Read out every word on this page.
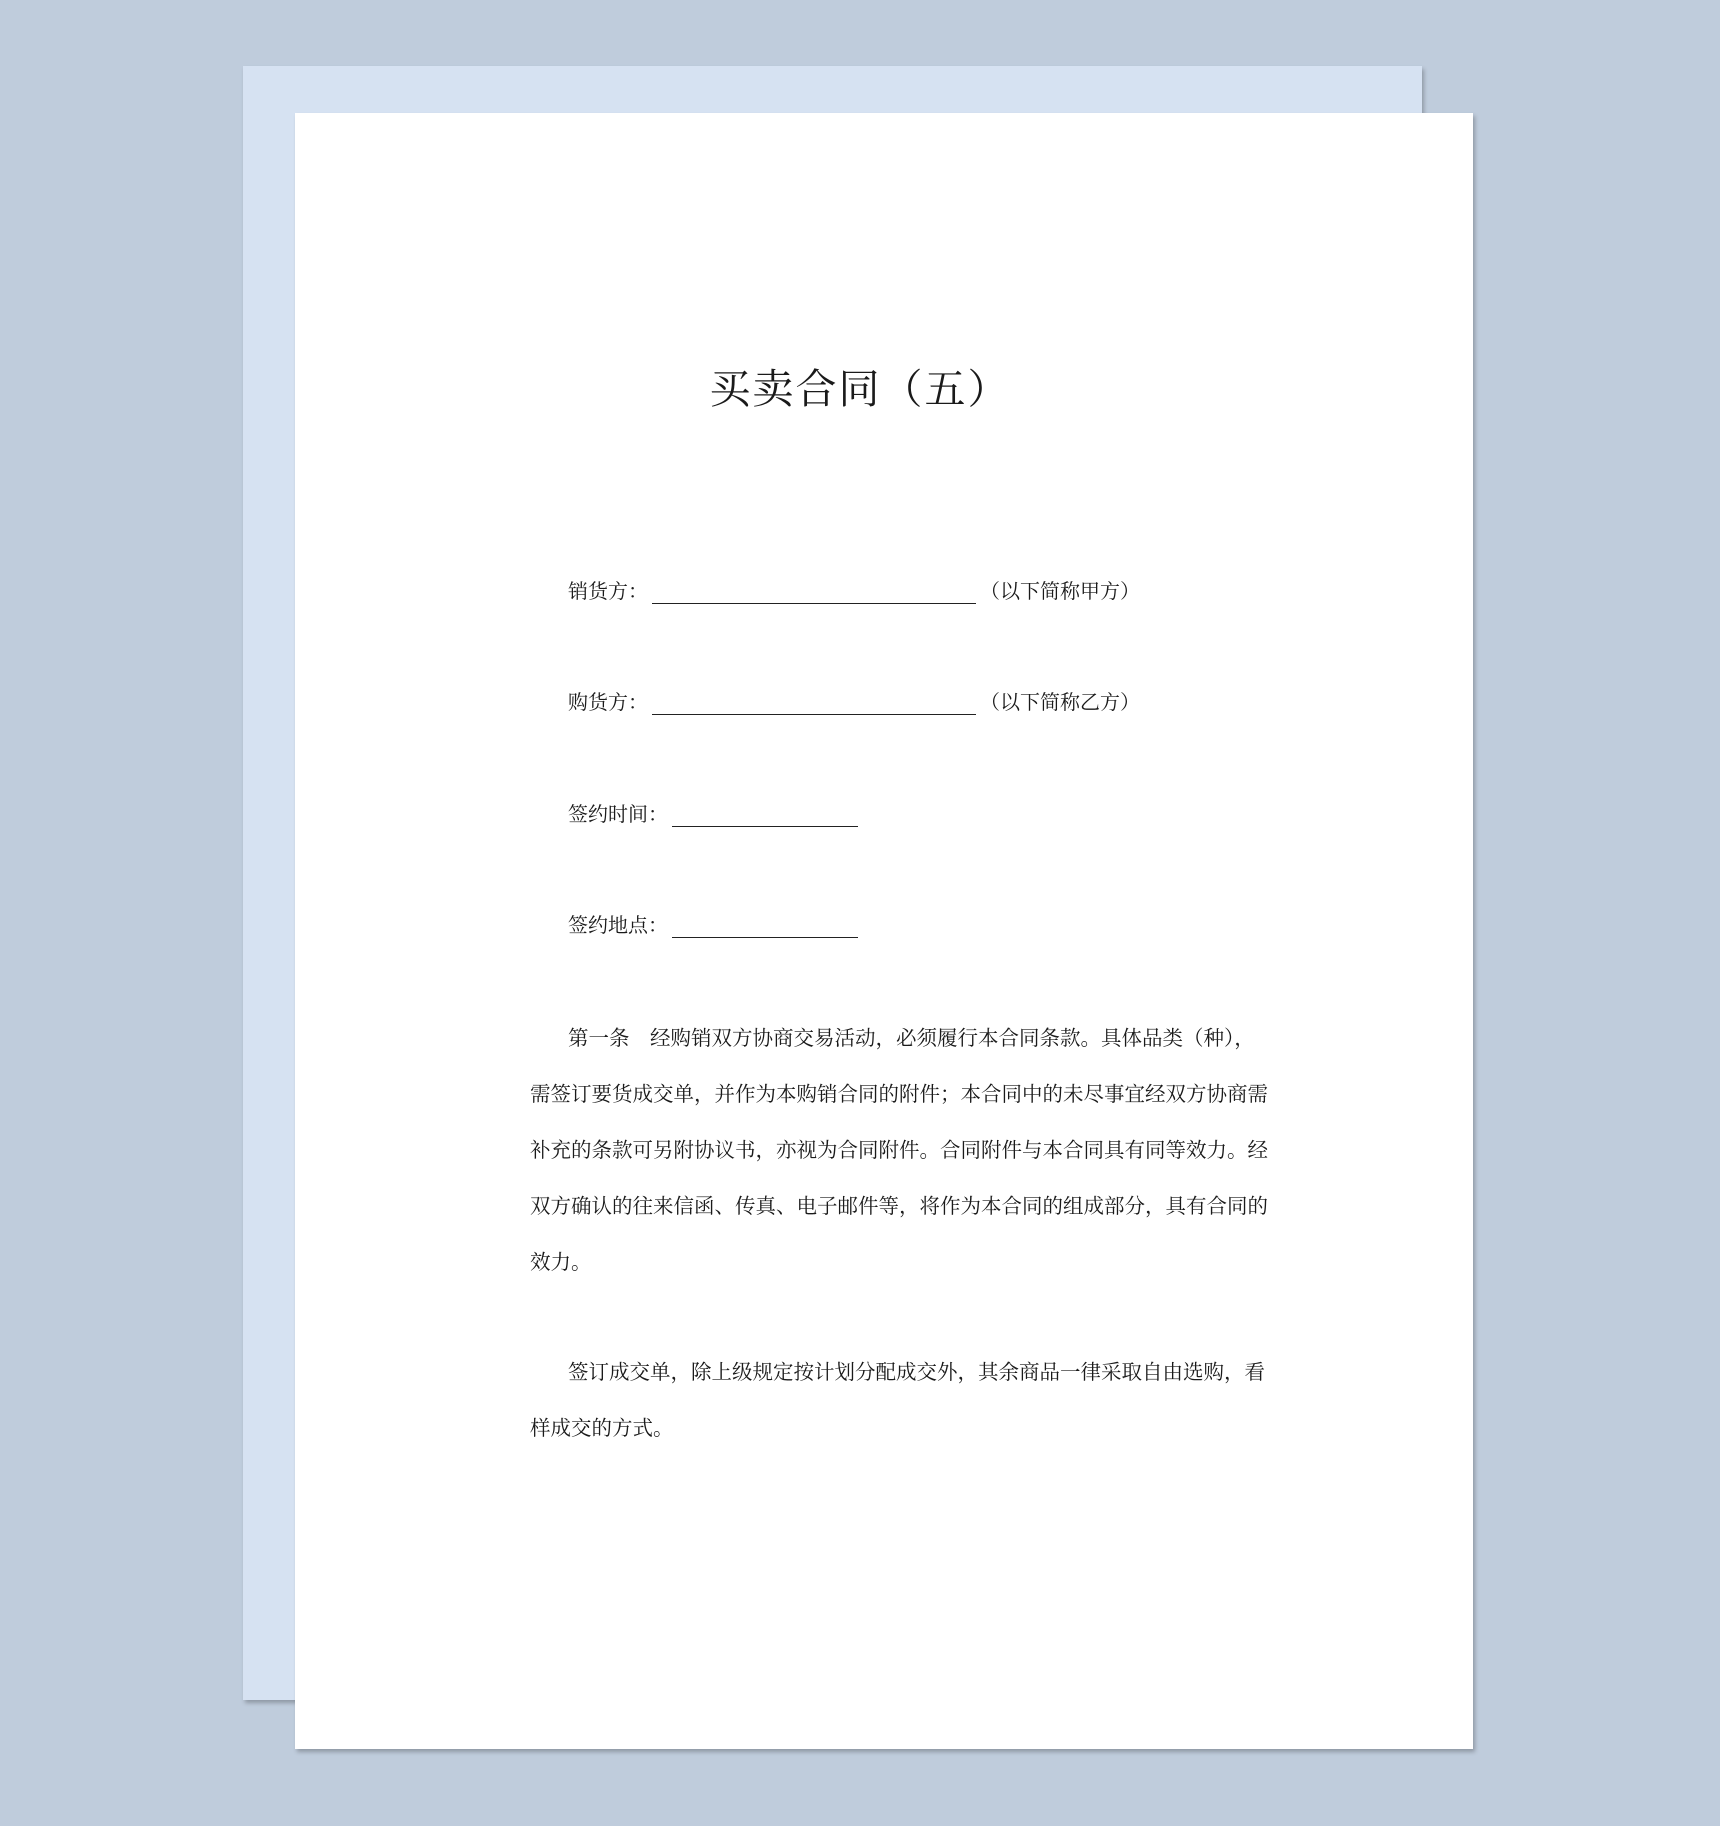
买卖合同（五）
销货方：	（以下简称甲方）
购货方：	（以下简称乙方）
签约时间：
签约地点：
第一条　经购销双方协商交易活动，必须履行本合同条款。具体品类（种），
需签订要货成交单，并作为本购销合同的附件；本合同中的未尽事宜经双方协商需
补充的条款可另附协议书，亦视为合同附件。合同附件与本合同具有同等效力。经
双方确认的往来信函、传真、电子邮件等，将作为本合同的组成部分，具有合同的
效力。
签订成交单，除上级规定按计划分配成交外，其余商品一律采取自由选购，看
样成交的方式。
